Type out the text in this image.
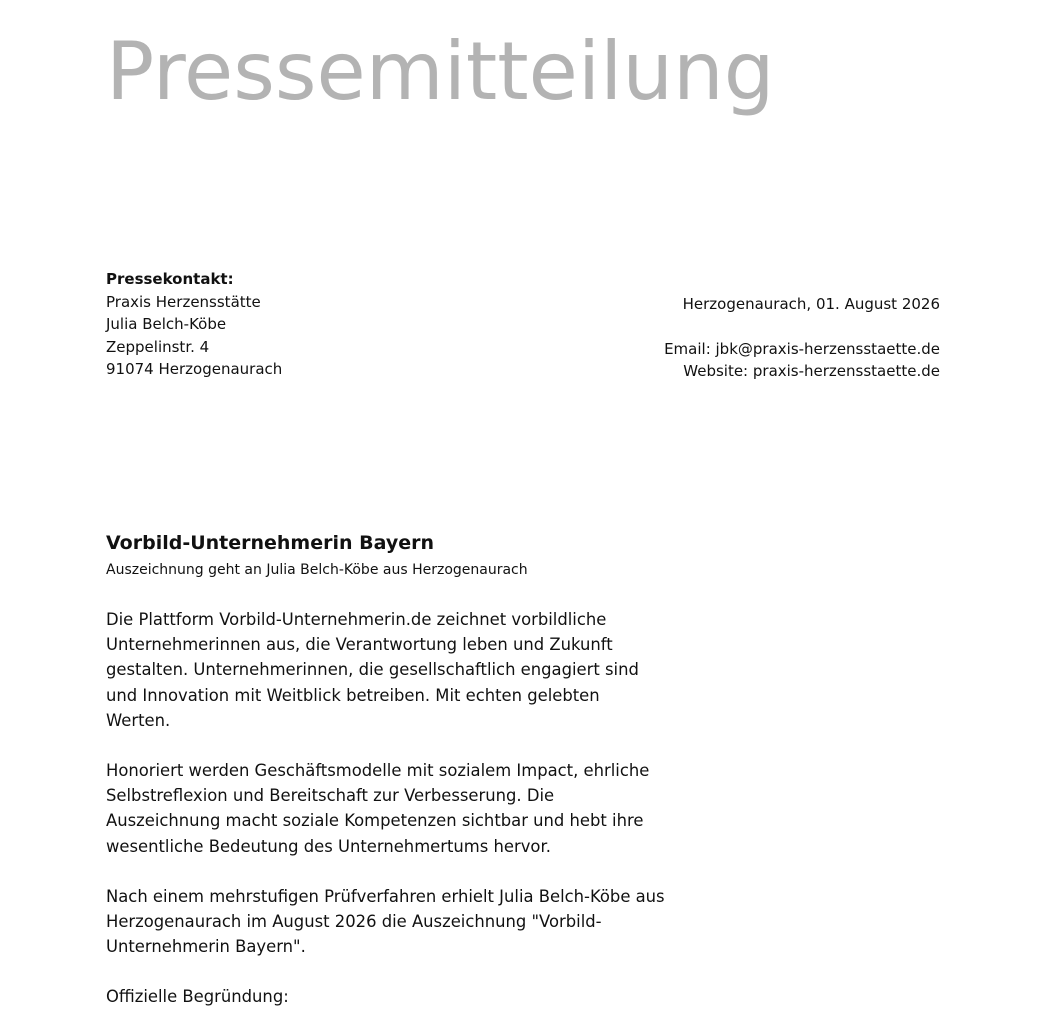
Pressemitteilung
Pressekontakt:
Praxis Herzensstätte
Julia Belch-Köbe
Zeppelinstr. 4
91074 Herzogenaurach
Herzogenaurach, 01. August 2026
Email: jbk@praxis-herzensstaette.de
Website: praxis-herzensstaette.de
Vorbild-Unternehmerin Bayern
Auszeichnung geht an Julia Belch-Köbe aus Herzogenaurach

Die Plattform Vorbild-Unternehmerin.de zeichnet vorbildliche Unternehmerinnen aus, die Verantwortung leben und Zukunft gestalten. Unternehmerinnen, die gesellschaftlich engagiert sind und Innovation mit Weitblick betreiben. Mit echten gelebten Werten.

Honoriert werden Geschäftsmodelle mit sozialem Impact, ehrliche Selbstreflexion und Bereitschaft zur Verbesserung. Die Auszeichnung macht soziale Kompetenzen sichtbar und hebt ihre wesentliche Bedeutung des Unternehmertums hervor.

Nach einem mehrstufigen Prüfverfahren erhielt Julia Belch-Köbe aus Herzogenaurach im August 2026 die Auszeichnung "Vorbild-Unternehmerin Bayern".

Offizielle Begründung:
